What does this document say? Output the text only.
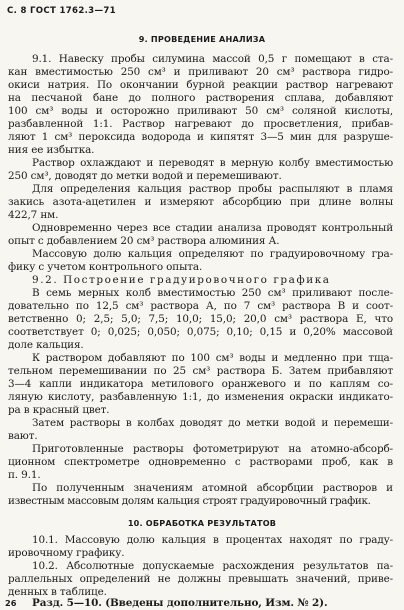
С. 8 ГОСТ 1762.3—71
9. ПРОВЕДЕНИЕ АНАЛИЗА
9.1. Навеску пробы силумина массой 0,5 г помещают в ста-
кан вместимостью 250 см³ и приливают 20 см³ раствора гидро-
окиси натрия. По окончании бурной реакции раствор нагревают
на песчаной бане до полного растворения сплава, добавляют
100 см³ воды и осторожно приливают 50 см³ соляной кислоты,
разбавленной 1:1. Раствор нагревают до просветления, прибав-
ляют 1 см³ пероксида водорода и кипятят 3—5 мин для разруше-
ния ее избытка.
Раствор охлаждают и переводят в мерную колбу вместимостью
250 см³, доводят до метки водой и перемешивают.
Для определения кальция раствор пробы распыляют в пламя
закись азота-ацетилен и измеряют абсорбцию при длине волны
422,7 нм.
Одновременно через все стадии анализа проводят контрольный
опыт с добавлением 20 см³ раствора алюминия А.
Массовую долю кальция определяют по градуировочному гра-
фику с учетом контрольного опыта.
9.2. Построение градуировочного графика
В семь мерных колб вместимостью 250 см³ приливают после-
довательно по 12,5 см³ раствора А, по 7 см³ раствора В и соот-
ветственно 0; 2,5; 5,0; 7,5; 10,0; 15,0; 20,0 см³ раствора Е, что
соответствует 0; 0,025; 0,050; 0,075; 0,10; 0,15 и 0,20% массовой
доле кальция.
К раствором добавляют по 100 см³ воды и медленно при тща-
тельном перемешивании по 25 см³ раствора Б. Затем прибавляют
3—4 капли индикатора метилового оранжевого и по каплям со-
ляную кислоту, разбавленную 1:1, до изменения окраски индикато-
ра в красный цвет.
Затем растворы в колбах доводят до метки водой и перемеши-
вают.
Приготовленные растворы фотометрируют на атомно-абсорб-
ционном спектрометре одновременно с растворами проб, как в
п. 9.1.
По полученным значениям атомной абсорбции растворов и
известным массовым долям кальция строят градуировочный график.
10. ОБРАБОТКА РЕЗУЛЬТАТОВ
10.1. Массовую долю кальция в процентах находят по граду-
ировочному графику.
10.2. Абсолютные допускаемые расхождения результатов па-
раллельных определений не должны превышать значений, приве-
денных в таблице.
Разд. 5—10. (Введены дополнительно, Изм. № 2).
26
